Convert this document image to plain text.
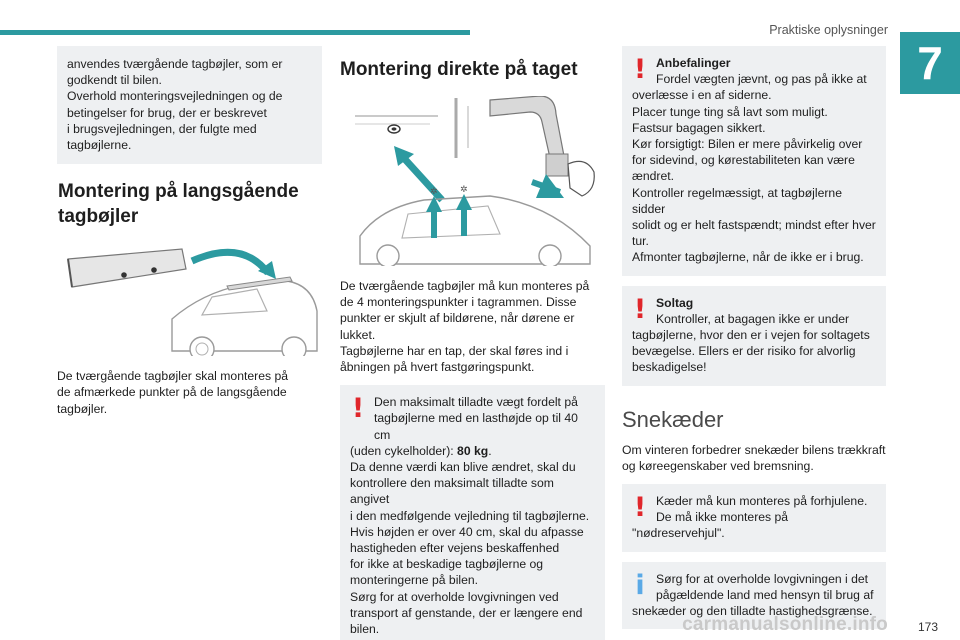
Praktiske oplysninger
7
anvendes tværgående tagbøjler, som er
godkendt til bilen.
Overhold monteringsvejledningen og de
betingelser for brug, der er beskrevet
i brugsvejledningen, der fulgte med
tagbøjlerne.
Montering på langsgående tagbøjler
De tværgående tagbøjler skal monteres på
de afmærkede punkter på de langsgående
tagbøjler.
Montering direkte på taget
✲ ✲
De tværgående tagbøjler må kun monteres på
de 4 monteringspunkter i tagrammen. Disse
punkter er skjult af bildørene, når dørene er
lukket.
Tagbøjlerne har en tap, der skal føres ind i
åbningen på hvert fastgøringspunkt.
! Den maksimalt tilladte vægt fordelt på
tagbøjlerne med en lasthøjde op til 40 cm
(uden cykelholder): 80 kg.
Da denne værdi kan blive ændret, skal du
kontrollere den maksimalt tilladte som angivet
i den medfølgende vejledning til tagbøjlerne.
Hvis højden er over 40 cm, skal du afpasse
hastigheden efter vejens beskaffenhed
for ikke at beskadige tagbøjlerne og
monteringerne på bilen.
Sørg for at overholde lovgivningen ved
transport af genstande, der er længere end
bilen.
! Anbefalinger
Fordel vægten jævnt, og pas på ikke at
overlæsse i en af siderne.
Placer tunge ting så lavt som muligt.
Fastsur bagagen sikkert.
Kør forsigtigt: Bilen er mere påvirkelig over
for sidevind, og kørestabiliteten kan være
ændret.
Kontroller regelmæssigt, at tagbøjlerne sidder
solidt og er helt fastspændt; mindst efter hver
tur.
Afmonter tagbøjlerne, når de ikke er i brug.
! Soltag
Kontroller, at bagagen ikke er under
tagbøjlerne, hvor den er i vejen for soltagets
bevægelse. Ellers er der risiko for alvorlig
beskadigelse!
Snekæder
Om vinteren forbedrer snekæder bilens trækkraft
og køreegenskaber ved bremsning.
! Kæder må kun monteres på forhjulene.
De må ikke monteres på
"nødreservehjul".
i Sørg for at overholde lovgivningen i det
pågældende land med hensyn til brug af
snekæder og den tilladte hastighedsgrænse.
carmanualsonline.info 173
